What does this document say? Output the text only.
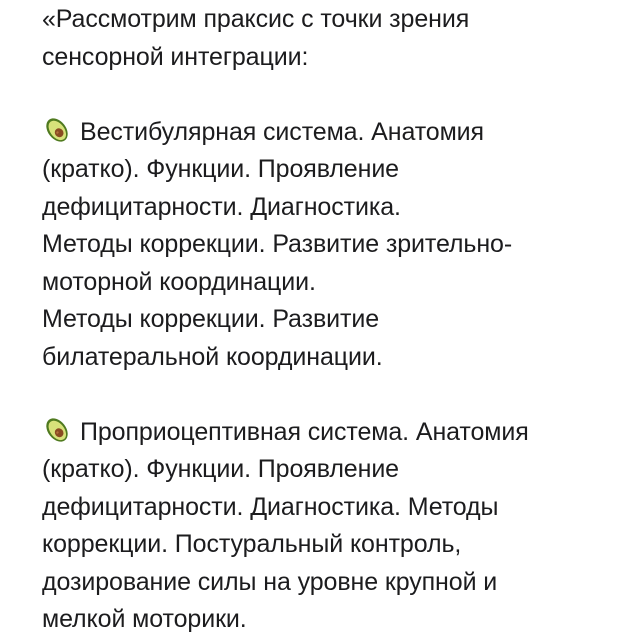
«Рассмотрим праксис с точки зрения
сенсорной интеграции:
Вестибулярная система. Анатомия
(кратко). Функции. Проявление
дефицитарности. Диагностика.
Методы коррекции. Развитие зрительно-
моторной координации.
Методы коррекции. Развитие
билатеральной координации.
Проприоцептивная система. Анатомия
(кратко). Функции. Проявление
дефицитарности. Диагностика. Методы
коррекции. Постуральный контроль,
дозирование силы на уровне крупной и
мелкой моторики.
